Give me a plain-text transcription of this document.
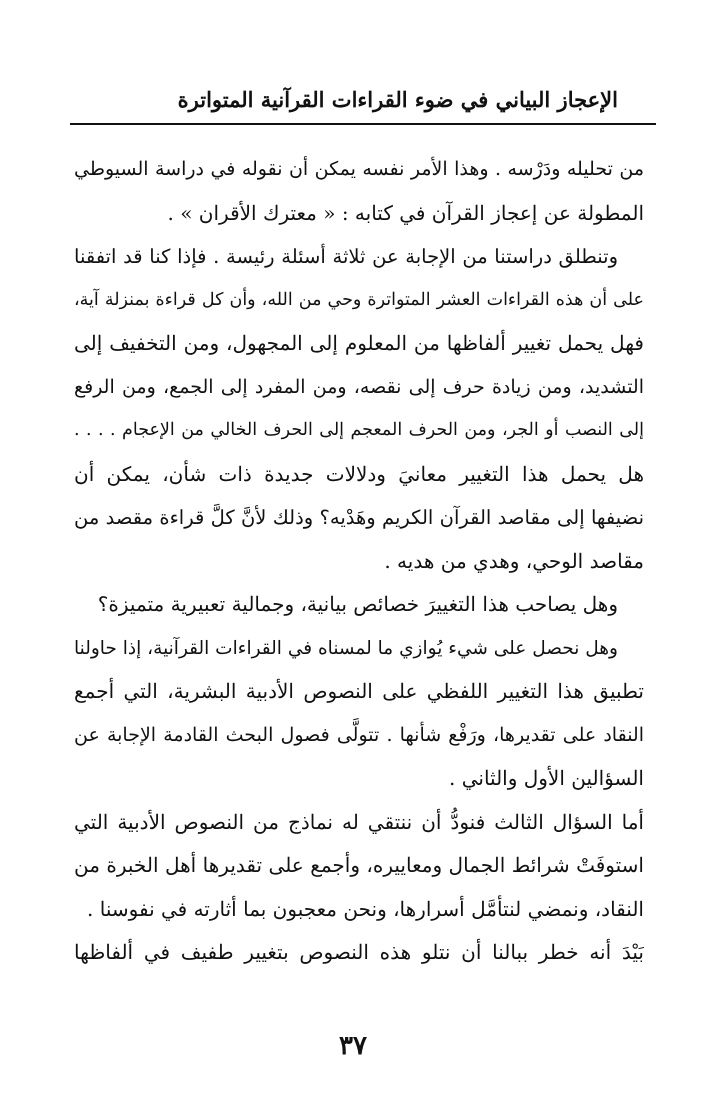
الإعجاز البياني في ضوء القراءات القرآنية المتواترة
من تحليله ودَرْسه . وهذا الأمر نفسه يمكن أن نقوله في دراسة السيوطي
المطولة عن إعجاز القرآن في كتابه : « معترك الأقران » .
وتنطلق دراستنا من الإجابة عن ثلاثة أسئلة رئيسة . فإذا كنا قد اتفقنا
على أن هذه القراءات العشر المتواترة وحي من الله، وأن كل قراءة بمنزلة آية،
فهل يحمل تغيير ألفاظها من المعلوم إلى المجهول، ومن التخفيف إلى
التشديد، ومن زيادة حرف إلى نقصه، ومن المفرد إلى الجمع، ومن الرفع
إلى النصب أو الجر، ومن الحرف المعجم إلى الحرف الخالي من الإعجام . . . .
هل يحمل هذا التغيير معانيَ ودلالات جديدة ذات شأن، يمكن أن
نضيفها إلى مقاصد القرآن الكريم وهَدْيه؟ وذلك لأنَّ كلَّ قراءة مقصد من
مقاصد الوحي، وهدي من هديه .
وهل يصاحب هذا التغييرَ خصائص بيانية، وجمالية تعبيرية متميزة؟
وهل نحصل على شيء يُوازي ما لمسناه في القراءات القرآنية، إذا حاولنا
تطبيق هذا التغيير اللفظي على النصوص الأدبية البشرية، التي أجمع
النقاد على تقديرها، ورَفْع شأنها . تتولَّى فصول البحث القادمة الإجابة عن
السؤالين الأول والثاني .
أما السؤال الثالث فنودُّ أن ننتقي له نماذج من النصوص الأدبية التي
استوفَتْ شرائط الجمال ومعاييره، وأجمع على تقديرها أهل الخبرة من
النقاد، ونمضي لنتأمَّل أسرارها، ونحن معجبون بما أثارته في نفوسنا .
بَيْدَ أنه خطر ببالنا أن نتلو هذه النصوص بتغيير طفيف في ألفاظها
٣٧
